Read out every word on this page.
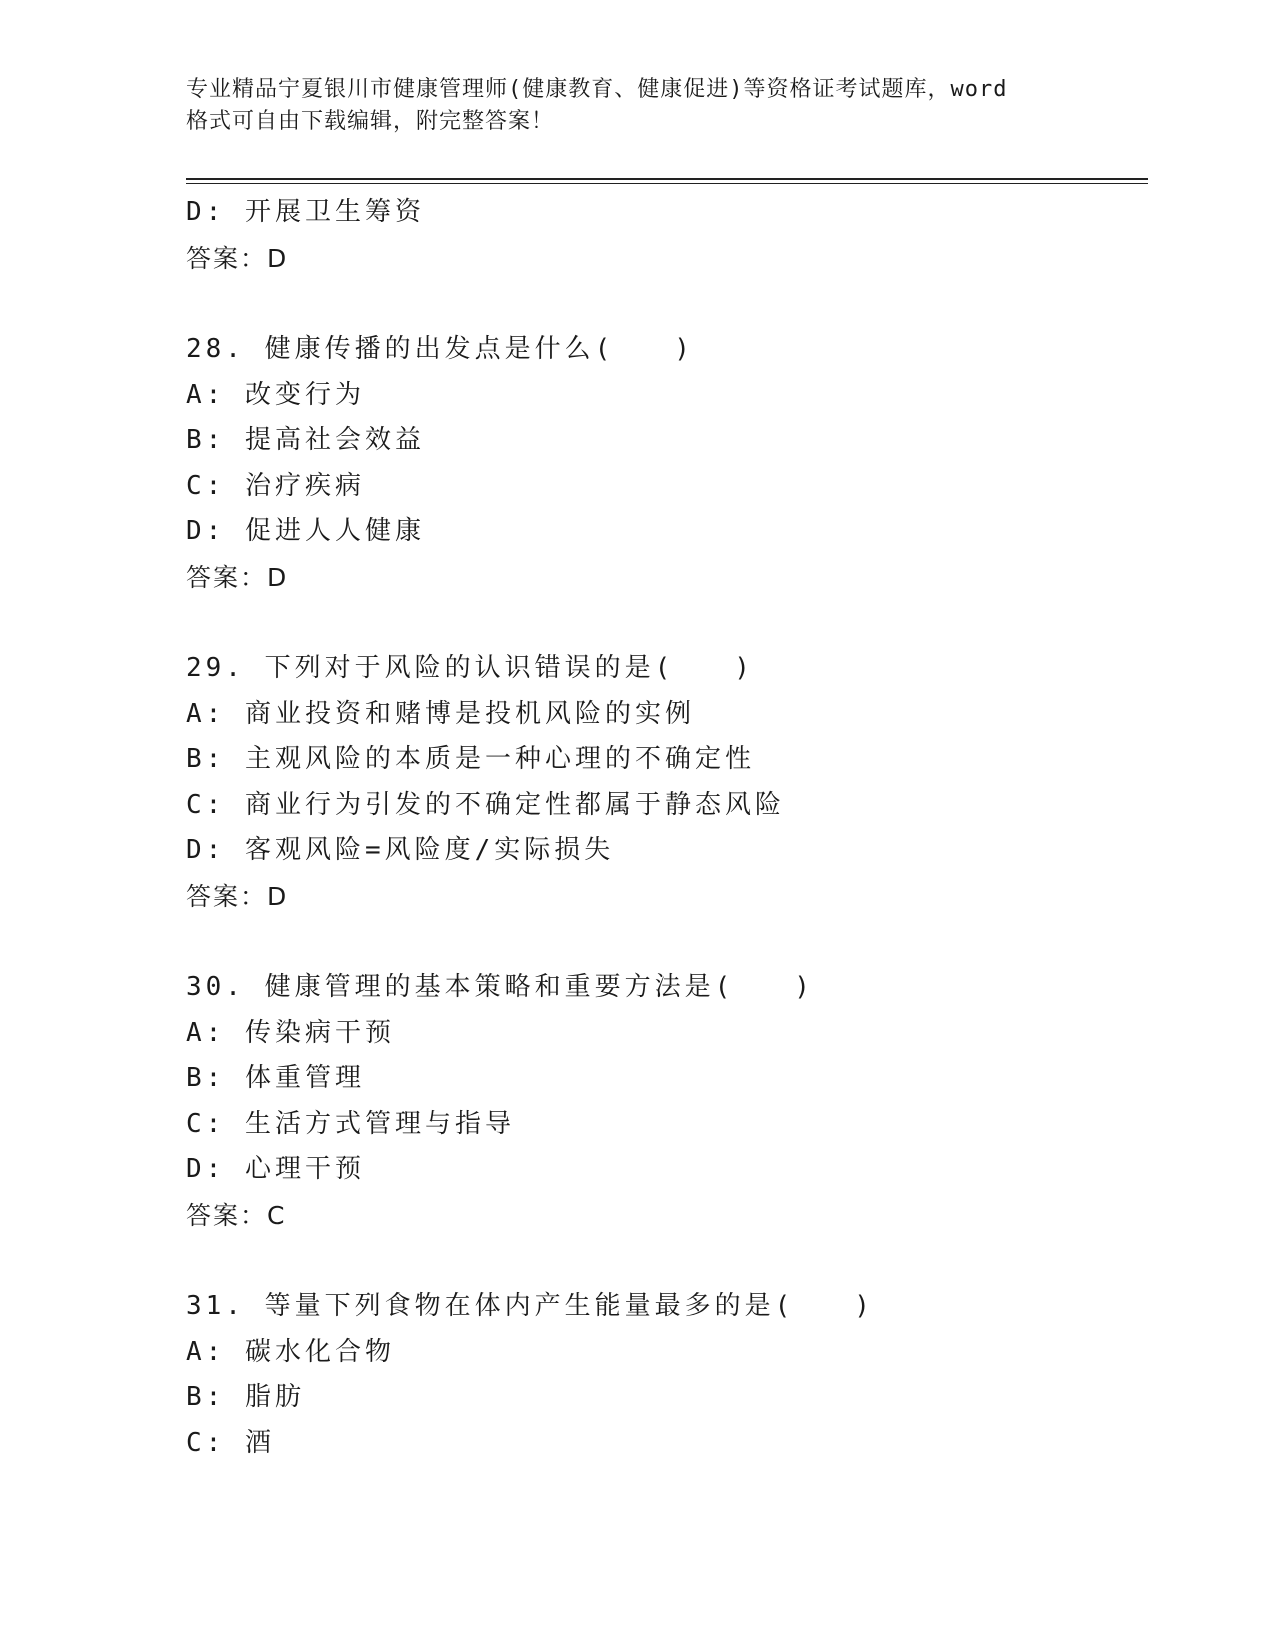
专业精品宁夏银川市健康管理师(健康教育、健康促进)等资格证考试题库，word
格式可自由下载编辑，附完整答案！
D: 开展卫生筹资
答案：D
28. 健康传播的出发点是什么(　　)
A: 改变行为
B: 提高社会效益
C: 治疗疾病
D: 促进人人健康
答案：D
29. 下列对于风险的认识错误的是(　　)
A: 商业投资和赌博是投机风险的实例
B: 主观风险的本质是一种心理的不确定性
C: 商业行为引发的不确定性都属于静态风险
D: 客观风险=风险度/实际损失
答案：D
30. 健康管理的基本策略和重要方法是(　　)
A: 传染病干预
B: 体重管理
C: 生活方式管理与指导
D: 心理干预
答案：C
31. 等量下列食物在体内产生能量最多的是(　　)
A: 碳水化合物
B: 脂肪
C: 酒
